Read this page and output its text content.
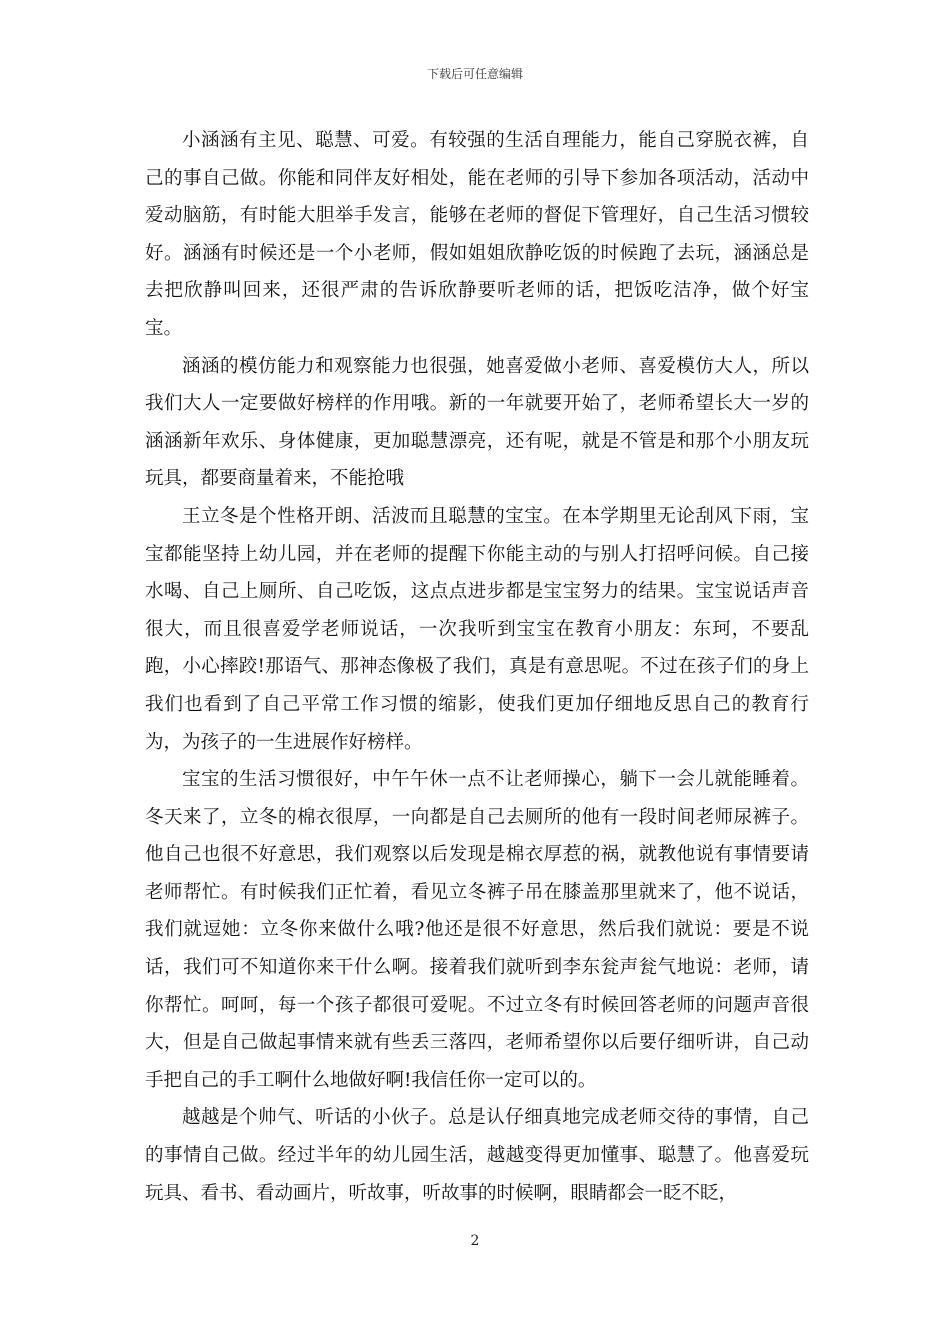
下载后可任意编辑

小涵涵有主见、聪慧、可爱。有较强的生活自理能力，能自己穿脱衣裤，自己的事自己做。你能和同伴友好相处，能在老师的引导下参加各项活动，活动中爱动脑筋，有时能大胆举手发言，能够在老师的督促下管理好，自己生活习惯较好。涵涵有时候还是一个小老师，假如姐姐欣静吃饭的时候跑了去玩，涵涵总是去把欣静叫回来，还很严肃的告诉欣静要听老师的话，把饭吃洁净，做个好宝宝。

涵涵的模仿能力和观察能力也很强，她喜爱做小老师、喜爱模仿大人，所以我们大人一定要做好榜样的作用哦。新的一年就要开始了，老师希望长大一岁的涵涵新年欢乐、身体健康，更加聪慧漂亮，还有呢，就是不管是和那个小朋友玩玩具，都要商量着来，不能抢哦

王立冬是个性格开朗、活波而且聪慧的宝宝。在本学期里无论刮风下雨，宝宝都能坚持上幼儿园，并在老师的提醒下你能主动的与别人打招呼问候。自己接水喝、自己上厕所、自己吃饭，这点点进步都是宝宝努力的结果。宝宝说话声音很大，而且很喜爱学老师说话，一次我听到宝宝在教育小朋友：东珂，不要乱跑，小心摔跤!那语气、那神态像极了我们，真是有意思呢。不过在孩子们的身上我们也看到了自己平常工作习惯的缩影，使我们更加仔细地反思自己的教育行为，为孩子的一生进展作好榜样。

宝宝的生活习惯很好，中午午休一点不让老师操心，躺下一会儿就能睡着。冬天来了，立冬的棉衣很厚，一向都是自己去厕所的他有一段时间老师尿裤子。他自己也很不好意思，我们观察以后发现是棉衣厚惹的祸，就教他说有事情要请老师帮忙。有时候我们正忙着，看见立冬裤子吊在膝盖那里就来了，他不说话，我们就逗她：立冬你来做什么哦?他还是很不好意思，然后我们就说：要是不说话，我们可不知道你来干什么啊。接着我们就听到李东瓮声瓮气地说：老师，请你帮忙。呵呵，每一个孩子都很可爱呢。不过立冬有时候回答老师的问题声音很大，但是自己做起事情来就有些丢三落四，老师希望你以后要仔细听讲，自己动手把自己的手工啊什么地做好啊!我信任你一定可以的。

越越是个帅气、听话的小伙子。总是认仔细真地完成老师交待的事情，自己的事情自己做。经过半年的幼儿园生活，越越变得更加懂事、聪慧了。他喜爱玩玩具、看书、看动画片，听故事，听故事的时候啊，眼睛都会一眨不眨，

2
